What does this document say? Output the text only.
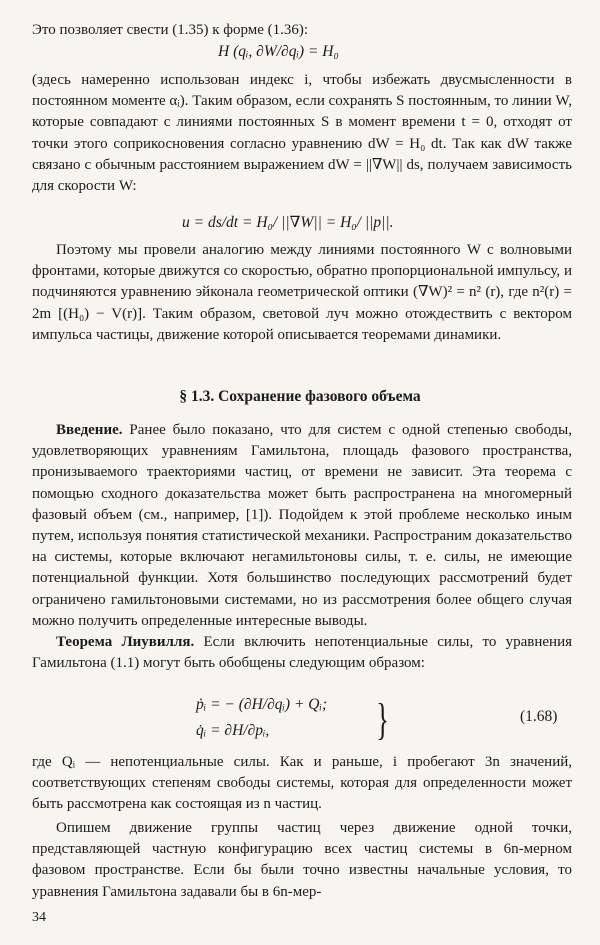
Это позволяет свести (1.35) к форме (1.36):

H (qᵢ, ∂W/∂qᵢ) = H₀

(здесь намеренно использован индекс i, чтобы избежать двусмысленности в постоянном моменте αᵢ). Таким образом, если сохранять S постоянным, то линии W, которые совпадают с линиями постоянных S в момент времени t = 0, отходят от точки этого соприкосновения согласно уравнению dW = H₀ dt. Так как dW также связано с обычным расстоянием выражением dW = ||∇W|| ds, получаем зависимость для скорости W:

u = ds/dt = H₀/ ||∇W|| = H₀/ ||p||.

Поэтому мы провели аналогию между линиями постоянного W с волновыми фронтами, которые движутся со скоростью, обратно пропорциональной импульсу, и подчиняются уравнению эйконала геометрической оптики (∇W)² = n² (r), где n²(r) = 2m [(H₀) − V(r)]. Таким образом, световой луч можно отождествить с вектором импульса частицы, движение которой описывается теоремами динамики.

§ 1.3. Сохранение фазового объема

Введение. Ранее было показано, что для систем с одной степенью свободы, удовлетворяющих уравнениям Гамильтона, площадь фазового пространства, пронизываемого траекториями частиц, от времени не зависит. Эта теорема с помощью сходного доказательства может быть распространена на многомерный фазовый объем (см., например, [1]). Подойдем к этой проблеме несколько иным путем, используя понятия статистической механики. Распространим доказательство на системы, которые включают негамильтоновы силы, т. е. силы, не имеющие потенциальной функции. Хотя большинство последующих рассмотрений будет ограничено гамильтоновыми системами, но из рассмотрения более общего случая можно получить определенные интересные выводы.

Теорема Лиувилля. Если включить непотенциальные силы, то уравнения Гамильтона (1.1) могут быть обобщены следующим образом:

ṗᵢ = − (∂H/∂qᵢ) + Qᵢ;
q̇ᵢ = ∂H/∂pᵢ, }	(1.68)

где Qᵢ — непотенциальные силы. Как и раньше, i пробегают 3n значений, соответствующих степеням свободы системы, которая для определенности может быть рассмотрена как состоящая из n частиц.

Опишем движение группы частиц через движение одной точки, представляющей частную конфигурацию всех частиц системы в 6n-мерном фазовом пространстве. Если бы были точно известны начальные условия, то уравнения Гамильтона задавали бы в 6n-мер-

34
